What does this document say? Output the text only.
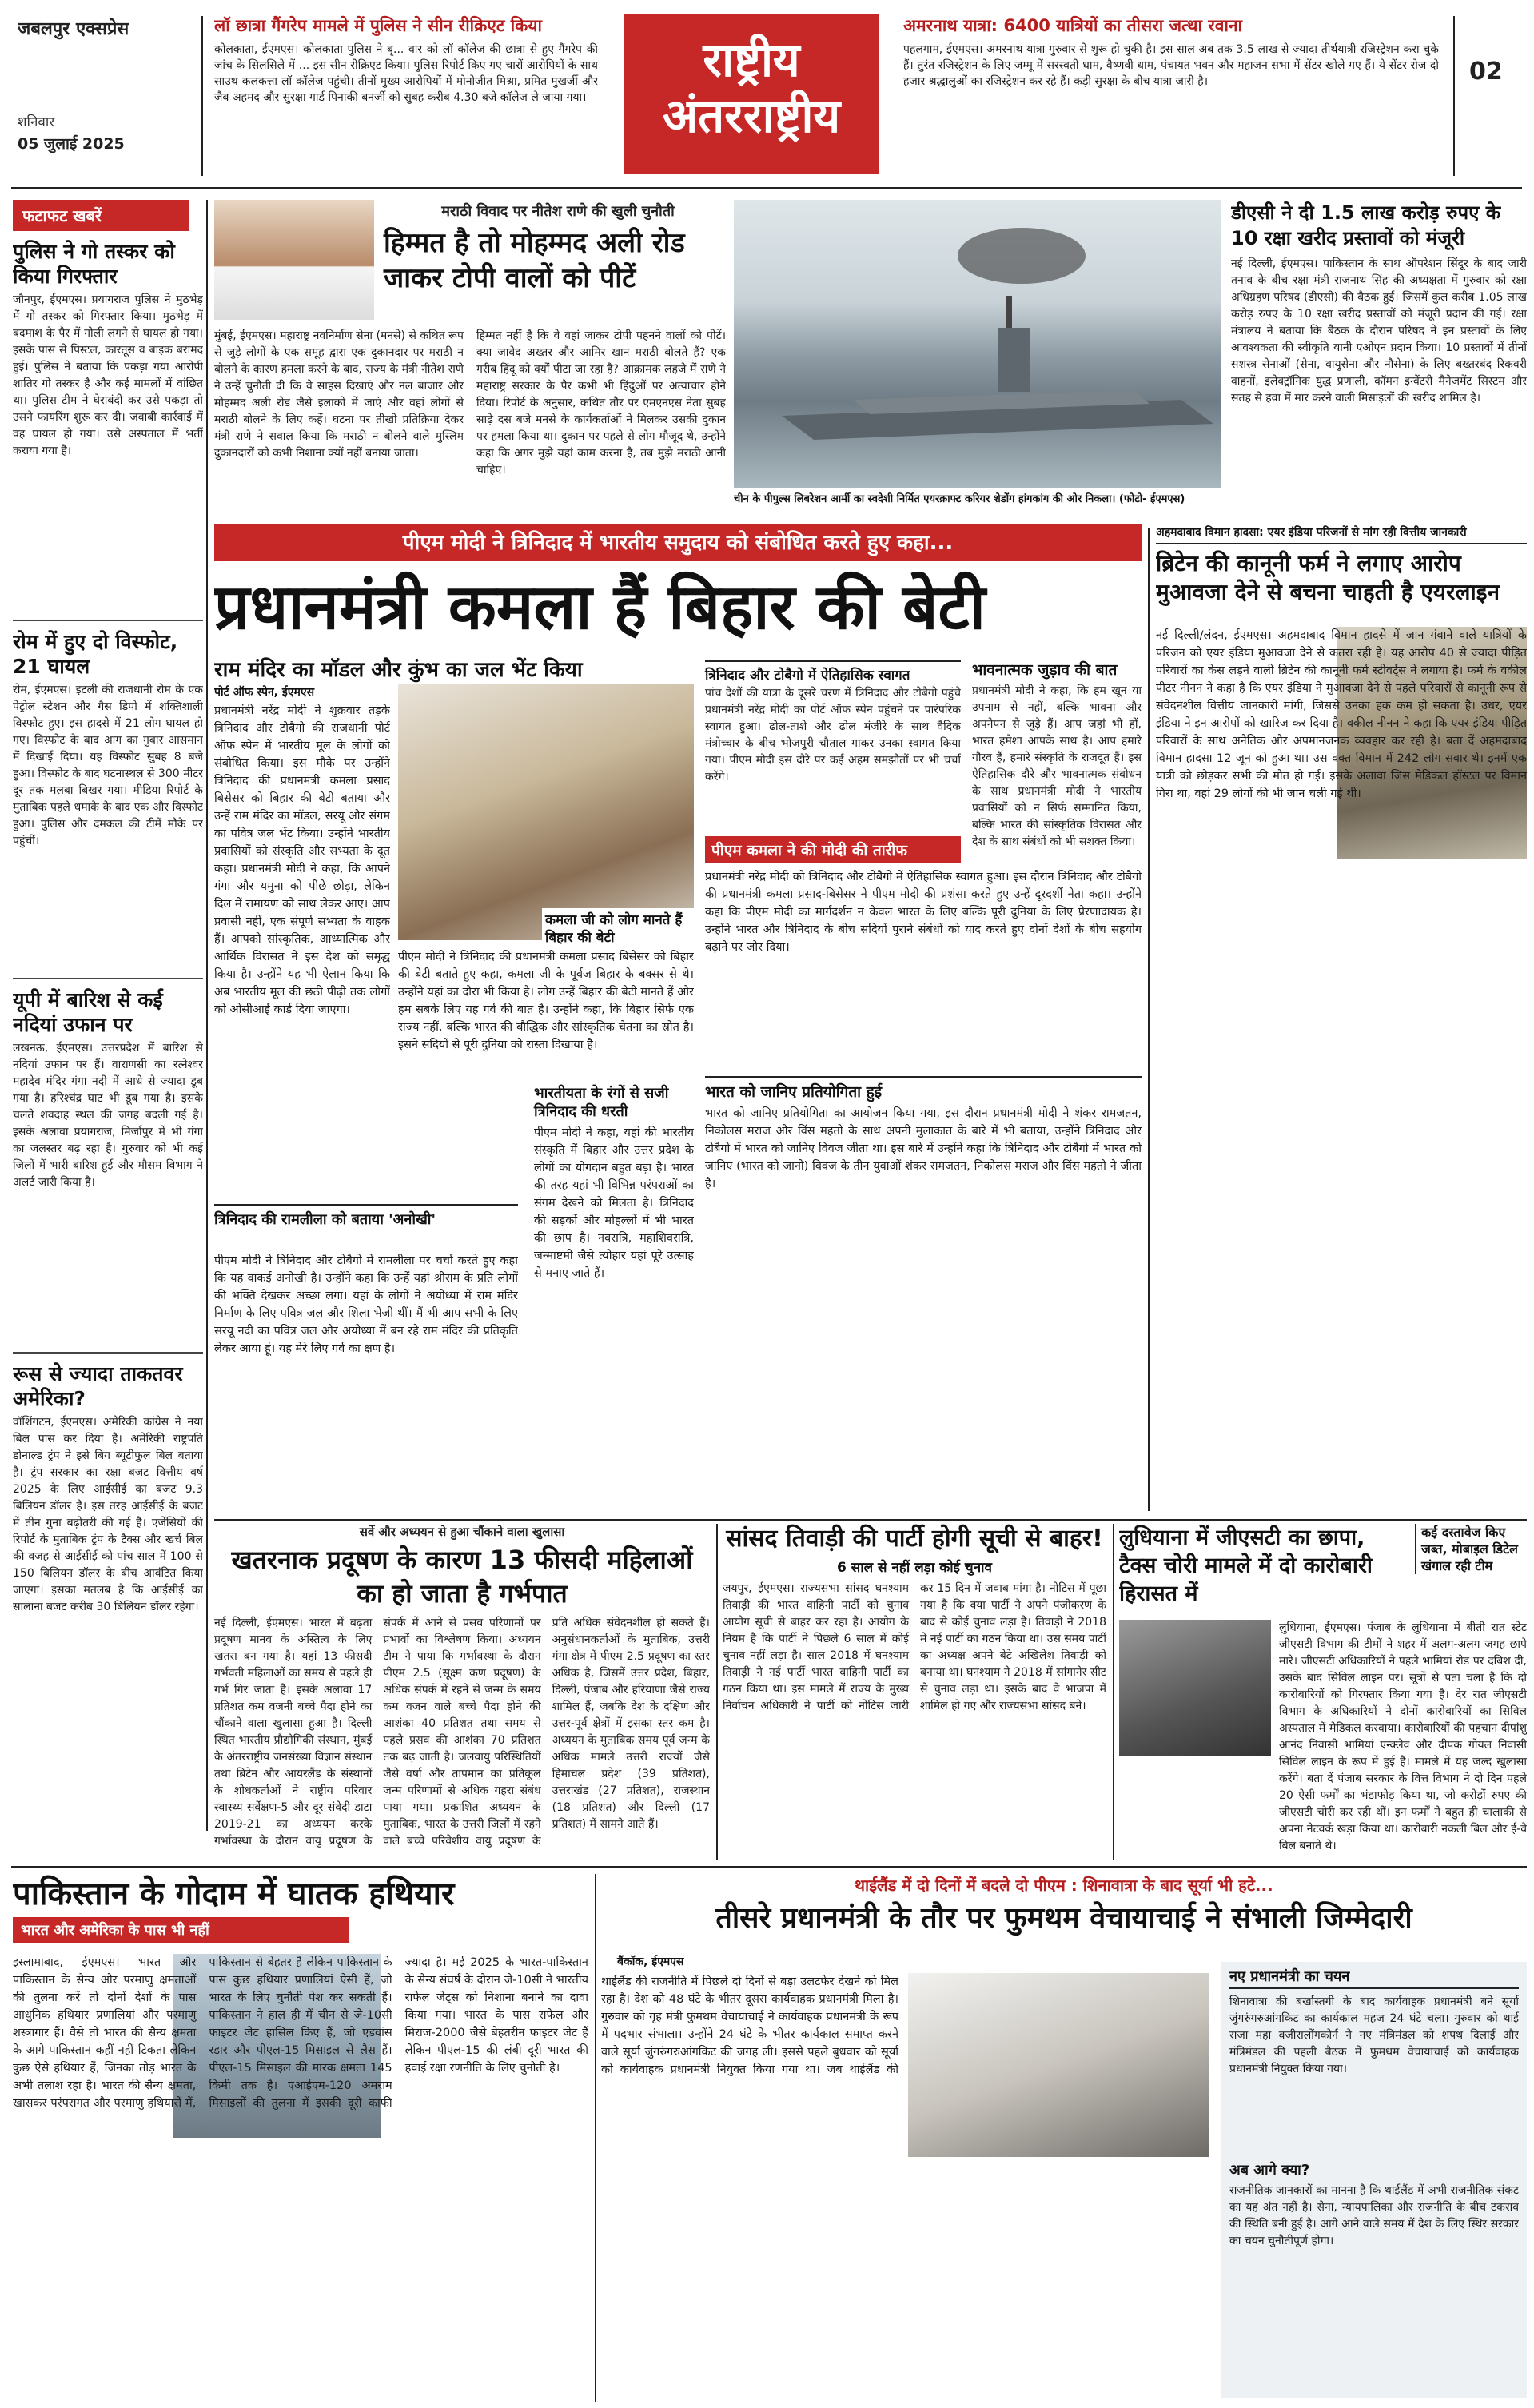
जबलपुर एक्सप्रेस
शनिवार
05 जुलाई 2025
लॉ छात्रा गैंगरेप मामले में पुलिस ने सीन रीक्रिएट किया
कोलकाता, ईएमएस। कोलकाता पुलिस ने बृ... वार को लॉ कॉलेज की छात्रा से हुए गैंगरेप की जांच के सिलसिले में ... इस सीन रीक्रिएट किया। पुलिस रिपोर्ट किए गए चारों आरोपियों के साथ साउथ कलकत्ता लॉ कॉलेज पहुंची। तीनों मुख्य आरोपियों में मोनोजीत मिश्रा, प्रमित मुखर्जी और जैब अहमद और सुरक्षा गार्ड पिनाकी बनर्जी को सुबह करीब 4.30 बजे कॉलेज ले जाया गया।
राष्ट्रीय
अंतरराष्ट्रीय
अमरनाथ यात्रा: 6400 यात्रियों का तीसरा जत्था रवाना
पहलगाम, ईएमएस। अमरनाथ यात्रा गुरुवार से शुरू हो चुकी है। इस साल अब तक 3.5 लाख से ज्यादा तीर्थयात्री रजिस्ट्रेशन करा चुके हैं। तुरंत रजिस्ट्रेशन के लिए जम्मू में सरस्वती धाम, वैष्णवी धाम, पंचायत भवन और महाजन सभा में सेंटर खोले गए हैं। ये सेंटर रोज दो हजार श्रद्धालुओं का रजिस्ट्रेशन कर रहे हैं। कड़ी सुरक्षा के बीच यात्रा जारी है।	02
फटाफट खबरें
पुलिस ने गो तस्कर को किया गिरफ्तार
जौनपुर, ईएमएस। प्रयागराज पुलिस ने मुठभेड़ में गो तस्कर को गिरफ्तार किया। मुठभेड़ में बदमाश के पैर में गोली लगने से घायल हो गया। इसके पास से पिस्टल, कारतूस व बाइक बरामद हुई। पुलिस ने बताया कि पकड़ा गया आरोपी शातिर गो तस्कर है और कई मामलों में वांछित था। पुलिस टीम ने घेराबंदी कर उसे पकड़ा तो उसने फायरिंग शुरू कर दी। जवाबी कार्रवाई में वह घायल हो गया। उसे अस्पताल में भर्ती कराया गया है।
रोम में हुए दो विस्फोट, 21 घायल
रोम, ईएमएस। इटली की राजधानी रोम के एक पेट्रोल स्टेशन और गैस डिपो में शक्तिशाली विस्फोट हुए। इस हादसे में 21 लोग घायल हो गए। विस्फोट के बाद आग का गुबार आसमान में दिखाई दिया। यह विस्फोट सुबह 8 बजे हुआ। विस्फोट के बाद घटनास्थल से 300 मीटर दूर तक मलबा बिखर गया। मीडिया रिपोर्ट के मुताबिक पहले धमाके के बाद एक और विस्फोट हुआ। पुलिस और दमकल की टीमें मौके पर पहुंचीं।
यूपी में बारिश से कई नदियां उफान पर
लखनऊ, ईएमएस। उत्तरप्रदेश में बारिश से नदियां उफान पर हैं। वाराणसी का रत्नेश्वर महादेव मंदिर गंगा नदी में आधे से ज्यादा डूब गया है। हरिश्चंद्र घाट भी डूब गया है। इसके चलते शवदाह स्थल की जगह बदली गई है। इसके अलावा प्रयागराज, मिर्जापुर में भी गंगा का जलस्तर बढ़ रहा है। गुरुवार को भी कई जिलों में भारी बारिश हुई और मौसम विभाग ने अलर्ट जारी किया है।
रूस से ज्यादा ताकतवर अमेरिका?
वॉशिंगटन, ईएमएस। अमेरिकी कांग्रेस ने नया बिल पास कर दिया है। अमेरिकी राष्ट्रपति डोनाल्ड ट्रंप ने इसे बिग ब्यूटीफुल बिल बताया है। ट्रंप सरकार का रक्षा बजट वित्तीय वर्ष 2025 के लिए आईसीई का बजट 9.3 बिलियन डॉलर है। इस तरह आईसीई के बजट में तीन गुना बढ़ोतरी की गई है। एजेंसियों की रिपोर्ट के मुताबिक ट्रंप के टैक्स और खर्च बिल की वजह से आईसीई को पांच साल में 100 से 150 बिलियन डॉलर के बीच आवंटित किया जाएगा। इसका मतलब है कि आईसीई का सालाना बजट करीब 30 बिलियन डॉलर रहेगा।
मराठी विवाद पर नीतेश राणे की खुली चुनौती
हिम्मत है तो मोहम्मद अली रोड जाकर टोपी वालों को पीटें
मुंबई, ईएमएस। महाराष्ट्र नवनिर्माण सेना (मनसे) से कथित रूप से जुड़े लोगों के एक समूह द्वारा एक दुकानदार पर मराठी न बोलने के कारण हमला करने के बाद, राज्य के मंत्री नीतेश राणे ने उन्हें चुनौती दी कि वे साहस दिखाएं और नल बाजार और मोहम्मद अली रोड जैसे इलाकों में जाएं और वहां लोगों से मराठी बोलने के लिए कहें। घटना पर तीखी प्रतिक्रिया देकर मंत्री राणे ने सवाल किया कि मराठी न बोलने वाले मुस्लिम दुकानदारों को कभी निशाना क्यों नहीं बनाया जाता।
हिम्मत नहीं है कि वे वहां जाकर टोपी पहनने वालों को पीटें। क्या जावेद अख्तर और आमिर खान मराठी बोलते हैं? एक गरीब हिंदू को क्यों पीटा जा रहा है? आक्रामक लहजे में राणे ने महाराष्ट्र सरकार के पैर कभी भी हिंदुओं पर अत्याचार होने दिया। रिपोर्ट के अनुसार, कथित तौर पर एमएनएस नेता सुबह साढ़े दस बजे मनसे के कार्यकर्ताओं ने मिलकर उसकी दुकान पर हमला किया था। दुकान पर पहले से लोग मौजूद थे, उन्होंने कहा कि अगर मुझे यहां काम करना है, तब मुझे मराठी आनी चाहिए।
चीन के पीपुल्स लिबरेशन आर्मी का स्वदेशी निर्मित एयरक्राफ्ट करियर शेडोंग हांगकांग की ओर निकला। (फोटो- ईएमएस)
डीएसी ने दी 1.5 लाख करोड़ रुपए के 10 रक्षा खरीद प्रस्तावों को मंजूरी
नई दिल्ली, ईएमएस। पाकिस्तान के साथ ऑपरेशन सिंदूर के बाद जारी तनाव के बीच रक्षा मंत्री राजनाथ सिंह की अध्यक्षता में गुरुवार को रक्षा अधिग्रहण परिषद (डीएसी) की बैठक हुई। जिसमें कुल करीब 1.05 लाख करोड़ रुपए के 10 रक्षा खरीद प्रस्तावों को मंजूरी प्रदान की गई। रक्षा मंत्रालय ने बताया कि बैठक के दौरान परिषद ने इन प्रस्तावों के लिए आवश्यकता की स्वीकृति यानी एओएन प्रदान किया। 10 प्रस्तावों में तीनों सशस्त्र सेनाओं (सेना, वायुसेना और नौसेना) के लिए बख्तरबंद रिकवरी वाहनों, इलेक्ट्रॉनिक युद्ध प्रणाली, कॉमन इन्वेंटरी मैनेजमेंट सिस्टम और सतह से हवा में मार करने वाली मिसाइलों की खरीद शामिल है।
पीएम मोदी ने त्रिनिदाद में भारतीय समुदाय को संबोधित करते हुए कहा...
प्रधानमंत्री कमला हैं बिहार की बेटी
राम मंदिर का मॉडल और कुंभ का जल भेंट किया
पोर्ट ऑफ स्पेन, ईएमएस
प्रधानमंत्री नरेंद्र मोदी ने शुक्रवार तड़के त्रिनिदाद और टोबैगो की राजधानी पोर्ट ऑफ स्पेन में भारतीय मूल के लोगों को संबोधित किया। इस मौके पर उन्होंने त्रिनिदाद की प्रधानमंत्री कमला प्रसाद बिसेसर को बिहार की बेटी बताया और उन्हें राम मंदिर का मॉडल, सरयू और संगम का पवित्र जल भेंट किया। उन्होंने भारतीय प्रवासियों को संस्कृति और सभ्यता के दूत कहा। प्रधानमंत्री मोदी ने कहा, कि आपने गंगा और यमुना को पीछे छोड़ा, लेकिन दिल में रामायण को साथ लेकर आए। आप प्रवासी नहीं, एक संपूर्ण सभ्यता के वाहक हैं। आपको सांस्कृतिक, आध्यात्मिक और आर्थिक विरासत ने इस देश को समृद्ध किया है। उन्होंने यह भी ऐलान किया कि अब भारतीय मूल की छठी पीढ़ी तक लोगों को ओसीआई कार्ड दिया जाएगा।
कमला जी को लोग मानते हैं बिहार की बेटी
पीएम मोदी ने त्रिनिदाद की प्रधानमंत्री कमला प्रसाद बिसेसर को बिहार की बेटी बताते हुए कहा, कमला जी के पूर्वज बिहार के बक्सर से थे। उन्होंने यहां का दौरा भी किया है। लोग उन्हें बिहार की बेटी मानते हैं और हम सबके लिए यह गर्व की बात है। उन्होंने कहा, कि बिहार सिर्फ एक राज्य नहीं, बल्कि भारत की बौद्धिक और सांस्कृतिक चेतना का स्रोत है। इसने सदियों से पूरी दुनिया को रास्ता दिखाया है।
भारतीयता के रंगों से सजी त्रिनिदाद की धरती
पीएम मोदी ने कहा, यहां की भारतीय संस्कृति में बिहार और उत्तर प्रदेश के लोगों का योगदान बहुत बड़ा है। भारत की तरह यहां भी विभिन्न परंपराओं का संगम देखने को मिलता है। त्रिनिदाद की सड़कों और मोहल्लों में भी भारत की छाप है। नवरात्रि, महाशिवरात्रि, जन्माष्टमी जैसे त्योहार यहां पूरे उत्साह से मनाए जाते हैं।
त्रिनिदाद की रामलीला को बताया 'अनोखी'
पीएम मोदी ने त्रिनिदाद और टोबैगो में रामलीला पर चर्चा करते हुए कहा कि यह वाकई अनोखी है। उन्होंने कहा कि उन्हें यहां श्रीराम के प्रति लोगों की भक्ति देखकर अच्छा लगा। यहां के लोगों ने अयोध्या में राम मंदिर निर्माण के लिए पवित्र जल और शिला भेजी थीं। मैं भी आप सभी के लिए सरयू नदी का पवित्र जल और अयोध्या में बन रहे राम मंदिर की प्रतिकृति लेकर आया हूं। यह मेरे लिए गर्व का क्षण है।
त्रिनिदाद और टोबैगो में ऐतिहासिक स्वागत
पांच देशों की यात्रा के दूसरे चरण में त्रिनिदाद और टोबैगो पहुंचे प्रधानमंत्री नरेंद्र मोदी का पोर्ट ऑफ स्पेन पहुंचने पर पारंपरिक स्वागत हुआ। ढोल-ताशे और ढोल मंजीरे के साथ वैदिक मंत्रोच्चार के बीच भोजपुरी चौताल गाकर उनका स्वागत किया गया। पीएम मोदी इस दौरे पर कई अहम समझौतों पर भी चर्चा करेंगे।
भावनात्मक जुड़ाव की बात
प्रधानमंत्री मोदी ने कहा, कि हम खून या उपनाम से नहीं, बल्कि भावना और अपनेपन से जुड़े हैं। आप जहां भी हों, भारत हमेशा आपके साथ है। आप हमारे गौरव हैं, हमारे संस्कृति के राजदूत हैं। इस ऐतिहासिक दौरे और भावनात्मक संबोधन के साथ प्रधानमंत्री मोदी ने भारतीय प्रवासियों को न सिर्फ सम्मानित किया, बल्कि भारत की सांस्कृतिक विरासत और देश के साथ संबंधों को भी सशक्त किया।
पीएम कमला ने की मोदी की तारीफ
प्रधानमंत्री नरेंद्र मोदी को त्रिनिदाद और टोबैगो में ऐतिहासिक स्वागत हुआ। इस दौरान त्रिनिदाद और टोबैगो की प्रधानमंत्री कमला प्रसाद-बिसेसर ने पीएम मोदी की प्रशंसा करते हुए उन्हें दूरदर्शी नेता कहा। उन्होंने कहा कि पीएम मोदी का मार्गदर्शन न केवल भारत के लिए बल्कि पूरी दुनिया के लिए प्रेरणादायक है। उन्होंने भारत और त्रिनिदाद के बीच सदियों पुराने संबंधों को याद करते हुए दोनों देशों के बीच सहयोग बढ़ाने पर जोर दिया।
भारत को जानिए प्रतियोगिता हुई
भारत को जानिए प्रतियोगिता का आयोजन किया गया, इस दौरान प्रधानमंत्री मोदी ने शंकर रामजतन, निकोलस मराज और विंस महतो के साथ अपनी मुलाकात के बारे में भी बताया, उन्होंने त्रिनिदाद और टोबैगो में भारत को जानिए विवज जीता था। इस बारे में उन्होंने कहा कि त्रिनिदाद और टोबैगो में भारत को जानिए (भारत को जानो) विवज के तीन युवाओं शंकर रामजतन, निकोलस मराज और विंस महतो ने जीता है।
अहमदाबाद विमान हादसा: एयर इंडिया परिजनों से मांग रही वित्तीय जानकारी
ब्रिटेन की कानूनी फर्म ने लगाए आरोप मुआवजा देने से बचना चाहती है एयरलाइन
नई दिल्ली/लंदन, ईएमएस। अहमदाबाद विमान हादसे में जान गंवाने वाले यात्रियों के परिजन को एयर इंडिया मुआवजा देने से कतरा रही है। यह आरोप 40 से ज्यादा पीड़ित परिवारों का केस लड़ने वाली ब्रिटेन की कानूनी फर्म स्टीवर्ट्स ने लगाया है। फर्म के वकील पीटर नीनन ने कहा है कि एयर इंडिया ने मुआवजा देने से पहले परिवारों से कानूनी रूप से संवेदनशील वित्तीय जानकारी मांगी, जिससे उनका हक कम हो सकता है। उधर, एयर इंडिया ने इन आरोपों को खारिज कर दिया है। वकील नीनन ने कहा कि एयर इंडिया पीड़ित परिवारों के साथ अनैतिक और अपमानजनक व्यवहार कर रही है। बता दें अहमदाबाद विमान हादसा 12 जून को हुआ था। उस वक्त विमान में 242 लोग सवार थे। इनमें एक यात्री को छोड़कर सभी की मौत हो गई। इसके अलावा जिस मेडिकल हॉस्टल पर विमान गिरा था, वहां 29 लोगों की भी जान चली गई थी।
सर्वे और अध्ययन से हुआ चौंकाने वाला खुलासा
खतरनाक प्रदूषण के कारण 13 फीसदी महिलाओं का हो जाता है गर्भपात
नई दिल्ली, ईएमएस। भारत में बढ़ता प्रदूषण मानव के अस्तित्व के लिए खतरा बन गया है। यहां 13 फीसदी गर्भवती महिलाओं का समय से पहले ही गर्भ गिर जाता है। इसके अलावा 17 प्रतिशत कम वजनी बच्चे पैदा होने का चौंकाने वाला खुलासा हुआ है। दिल्ली स्थित भारतीय प्रौद्योगिकी संस्थान, मुंबई के अंतरराष्ट्रीय जनसंख्या विज्ञान संस्थान तथा ब्रिटेन और आयरलैंड के संस्थानों के शोधकर्ताओं ने राष्ट्रीय परिवार स्वास्थ्य सर्वेक्षण-5 और दूर संवेदी डाटा 2019-21 का अध्ययन करके गर्भावस्था के दौरान वायु प्रदूषण के संपर्क में आने से प्रसव परिणामों पर प्रभावों का विश्लेषण किया। अध्ययन टीम ने पाया कि गर्भावस्था के दौरान पीएम 2.5 (सूक्ष्म कण प्रदूषण) के अधिक संपर्क में रहने से जन्म के समय कम वजन वाले बच्चे पैदा होने की आशंका 40 प्रतिशत तथा समय से पहले प्रसव की आशंका 70 प्रतिशत तक बढ़ जाती है। जलवायु परिस्थितियों जैसे वर्षा और तापमान का प्रतिकूल जन्म परिणामों से अधिक गहरा संबंध पाया गया। प्रकाशित अध्ययन के मुताबिक, भारत के उत्तरी जिलों में रहने वाले बच्चे परिवेशीय वायु प्रदूषण के प्रति अधिक संवेदनशील हो सकते हैं। अनुसंधानकर्ताओं के मुताबिक, उत्तरी गंगा क्षेत्र में पीएम 2.5 प्रदूषण का स्तर अधिक है, जिसमें उत्तर प्रदेश, बिहार, दिल्ली, पंजाब और हरियाणा जैसे राज्य शामिल हैं, जबकि देश के दक्षिण और उत्तर-पूर्व क्षेत्रों में इसका स्तर कम है। अध्ययन के मुताबिक समय पूर्व जन्म के अधिक मामले उत्तरी राज्यों जैसे हिमाचल प्रदेश (39 प्रतिशत), उत्तराखंड (27 प्रतिशत), राजस्थान (18 प्रतिशत) और दिल्ली (17 प्रतिशत) में सामने आते हैं।
सांसद तिवाड़ी की पार्टी होगी सूची से बाहर!
6 साल से नहीं लड़ा कोई चुनाव
जयपुर, ईएमएस। राज्यसभा सांसद घनश्याम तिवाड़ी की भारत वाहिनी पार्टी को चुनाव आयोग सूची से बाहर कर रहा है। आयोग के नियम है कि पार्टी ने पिछले 6 साल में कोई चुनाव नहीं लड़ा है। साल 2018 में घनश्याम तिवाड़ी ने नई पार्टी भारत वाहिनी पार्टी का गठन किया था। इस मामले में राज्य के मुख्य निर्वाचन अधिकारी ने पार्टी को नोटिस जारी कर 15 दिन में जवाब मांगा है। नोटिस में पूछा गया है कि क्या पार्टी ने अपने पंजीकरण के बाद से कोई चुनाव लड़ा है। तिवाड़ी ने 2018 में नई पार्टी का गठन किया था। उस समय पार्टी का अध्यक्ष अपने बेटे अखिलेश तिवाड़ी को बनाया था। घनश्याम ने 2018 में सांगानेर सीट से चुनाव लड़ा था। इसके बाद वे भाजपा में शामिल हो गए और राज्यसभा सांसद बने।
लुधियाना में जीएसटी का छापा, टैक्स चोरी मामले में दो कारोबारी हिरासत में
कई दस्तावेज किए जब्त, मोबाइल डिटेल खंगाल रही टीम
लुधियाना, ईएमएस। पंजाब के लुधियाना में बीती रात स्टेट जीएसटी विभाग की टीमों ने शहर में अलग-अलग जगह छापे मारे। जीएसटी अधिकारियों ने पहले भामियां रोड पर दबिश दी, उसके बाद सिविल लाइन पर। सूत्रों से पता चला है कि दो कारोबारियों को गिरफ्तार किया गया है। देर रात जीएसटी विभाग के अधिकारियों ने दोनों कारोबारियों का सिविल अस्पताल में मेडिकल करवाया। कारोबारियों की पहचान दीपांशु आनंद निवासी भामियां एन्क्लेव और दीपक गोयल निवासी सिविल लाइन के रूप में हुई है। मामले में यह जल्द खुलासा करेंगे। बता दें पंजाब सरकार के वित्त विभाग ने दो दिन पहले 20 ऐसी फर्मों का भंडाफोड़ किया था, जो करोड़ों रुपए की जीएसटी चोरी कर रही थीं। इन फर्मों ने बहुत ही चालाकी से अपना नेटवर्क खड़ा किया था। कारोबारी नकली बिल और ई-वे बिल बनाते थे।
पाकिस्तान के गोदाम में घातक हथियार
भारत और अमेरिका के पास भी नहीं
इस्लामाबाद, ईएमएस। भारत और पाकिस्तान के सैन्य और परमाणु क्षमताओं की तुलना करें तो दोनों देशों के पास आधुनिक हथियार प्रणालियां और परमाणु शस्त्रागार हैं। वैसे तो भारत की सैन्य क्षमता के आगे पाकिस्तान कहीं नहीं टिकता लेकिन कुछ ऐसे हथियार हैं, जिनका तोड़ भारत के अभी तलाश रहा है। भारत की सैन्य क्षमता, खासकर परंपरागत और परमाणु हथियारों में, पाकिस्तान से बेहतर है लेकिन पाकिस्तान के पास कुछ हथियार प्रणालियां ऐसी हैं, जो भारत के लिए चुनौती पेश कर सकती हैं। पाकिस्तान ने हाल ही में चीन से जे-10सी फाइटर जेट हासिल किए हैं, जो एडवांस रडार और पीएल-15 मिसाइल से लैस हैं। पीएल-15 मिसाइल की मारक क्षमता 145 किमी तक है। एआईएम-120 अमराम मिसाइलों की तुलना में इसकी दूरी काफी ज्यादा है। मई 2025 के भारत-पाकिस्तान के सैन्य संघर्ष के दौरान जे-10सी ने भारतीय राफेल जेट्स को निशाना बनाने का दावा किया गया। भारत के पास राफेल और मिराज-2000 जैसे बेहतरीन फाइटर जेट हैं लेकिन पीएल-15 की लंबी दूरी भारत की हवाई रक्षा रणनीति के लिए चुनौती है।
थाईलैंड में दो दिनों में बदले दो पीएम : शिनावात्रा के बाद सूर्या भी हटे...
तीसरे प्रधानमंत्री के तौर पर फुमथम वेचायाचाई ने संभाली जिम्मेदारी
बैंकॉक, ईएमएस
थाईलैंड की राजनीति में पिछले दो दिनों से बड़ा उलटफेर देखने को मिल रहा है। देश को 48 घंटे के भीतर दूसरा कार्यवाहक प्रधानमंत्री मिला है। गुरुवार को गृह मंत्री फुमथम वेचायाचाई ने कार्यवाहक प्रधानमंत्री के रूप में पदभार संभाला। उन्होंने 24 घंटे के भीतर कार्यकाल समाप्त करने वाले सूर्या जुंगरुंगरुआंगकिट की जगह ली। इससे पहले बुधवार को सूर्या को कार्यवाहक प्रधानमंत्री नियुक्त किया गया था। जब थाईलैंड की
नए प्रधानमंत्री का चयन
शिनावात्रा की बर्खास्तगी के बाद कार्यवाहक प्रधानमंत्री बने सूर्या जुंगरुंगरुआंगकिट का कार्यकाल महज 24 घंटे चला। गुरुवार को थाई राजा महा वजीरालोंगकोर्न ने नए मंत्रिमंडल को शपथ दिलाई और मंत्रिमंडल की पहली बैठक में फुमथम वेचायाचाई को कार्यवाहक प्रधानमंत्री नियुक्त किया गया।
अब आगे क्या?
राजनीतिक जानकारों का मानना है कि थाईलैंड में अभी राजनीतिक संकट का यह अंत नहीं है। सेना, न्यायपालिका और राजनीति के बीच टकराव की स्थिति बनी हुई है। आगे आने वाले समय में देश के लिए स्थिर सरकार का चयन चुनौतीपूर्ण होगा।
